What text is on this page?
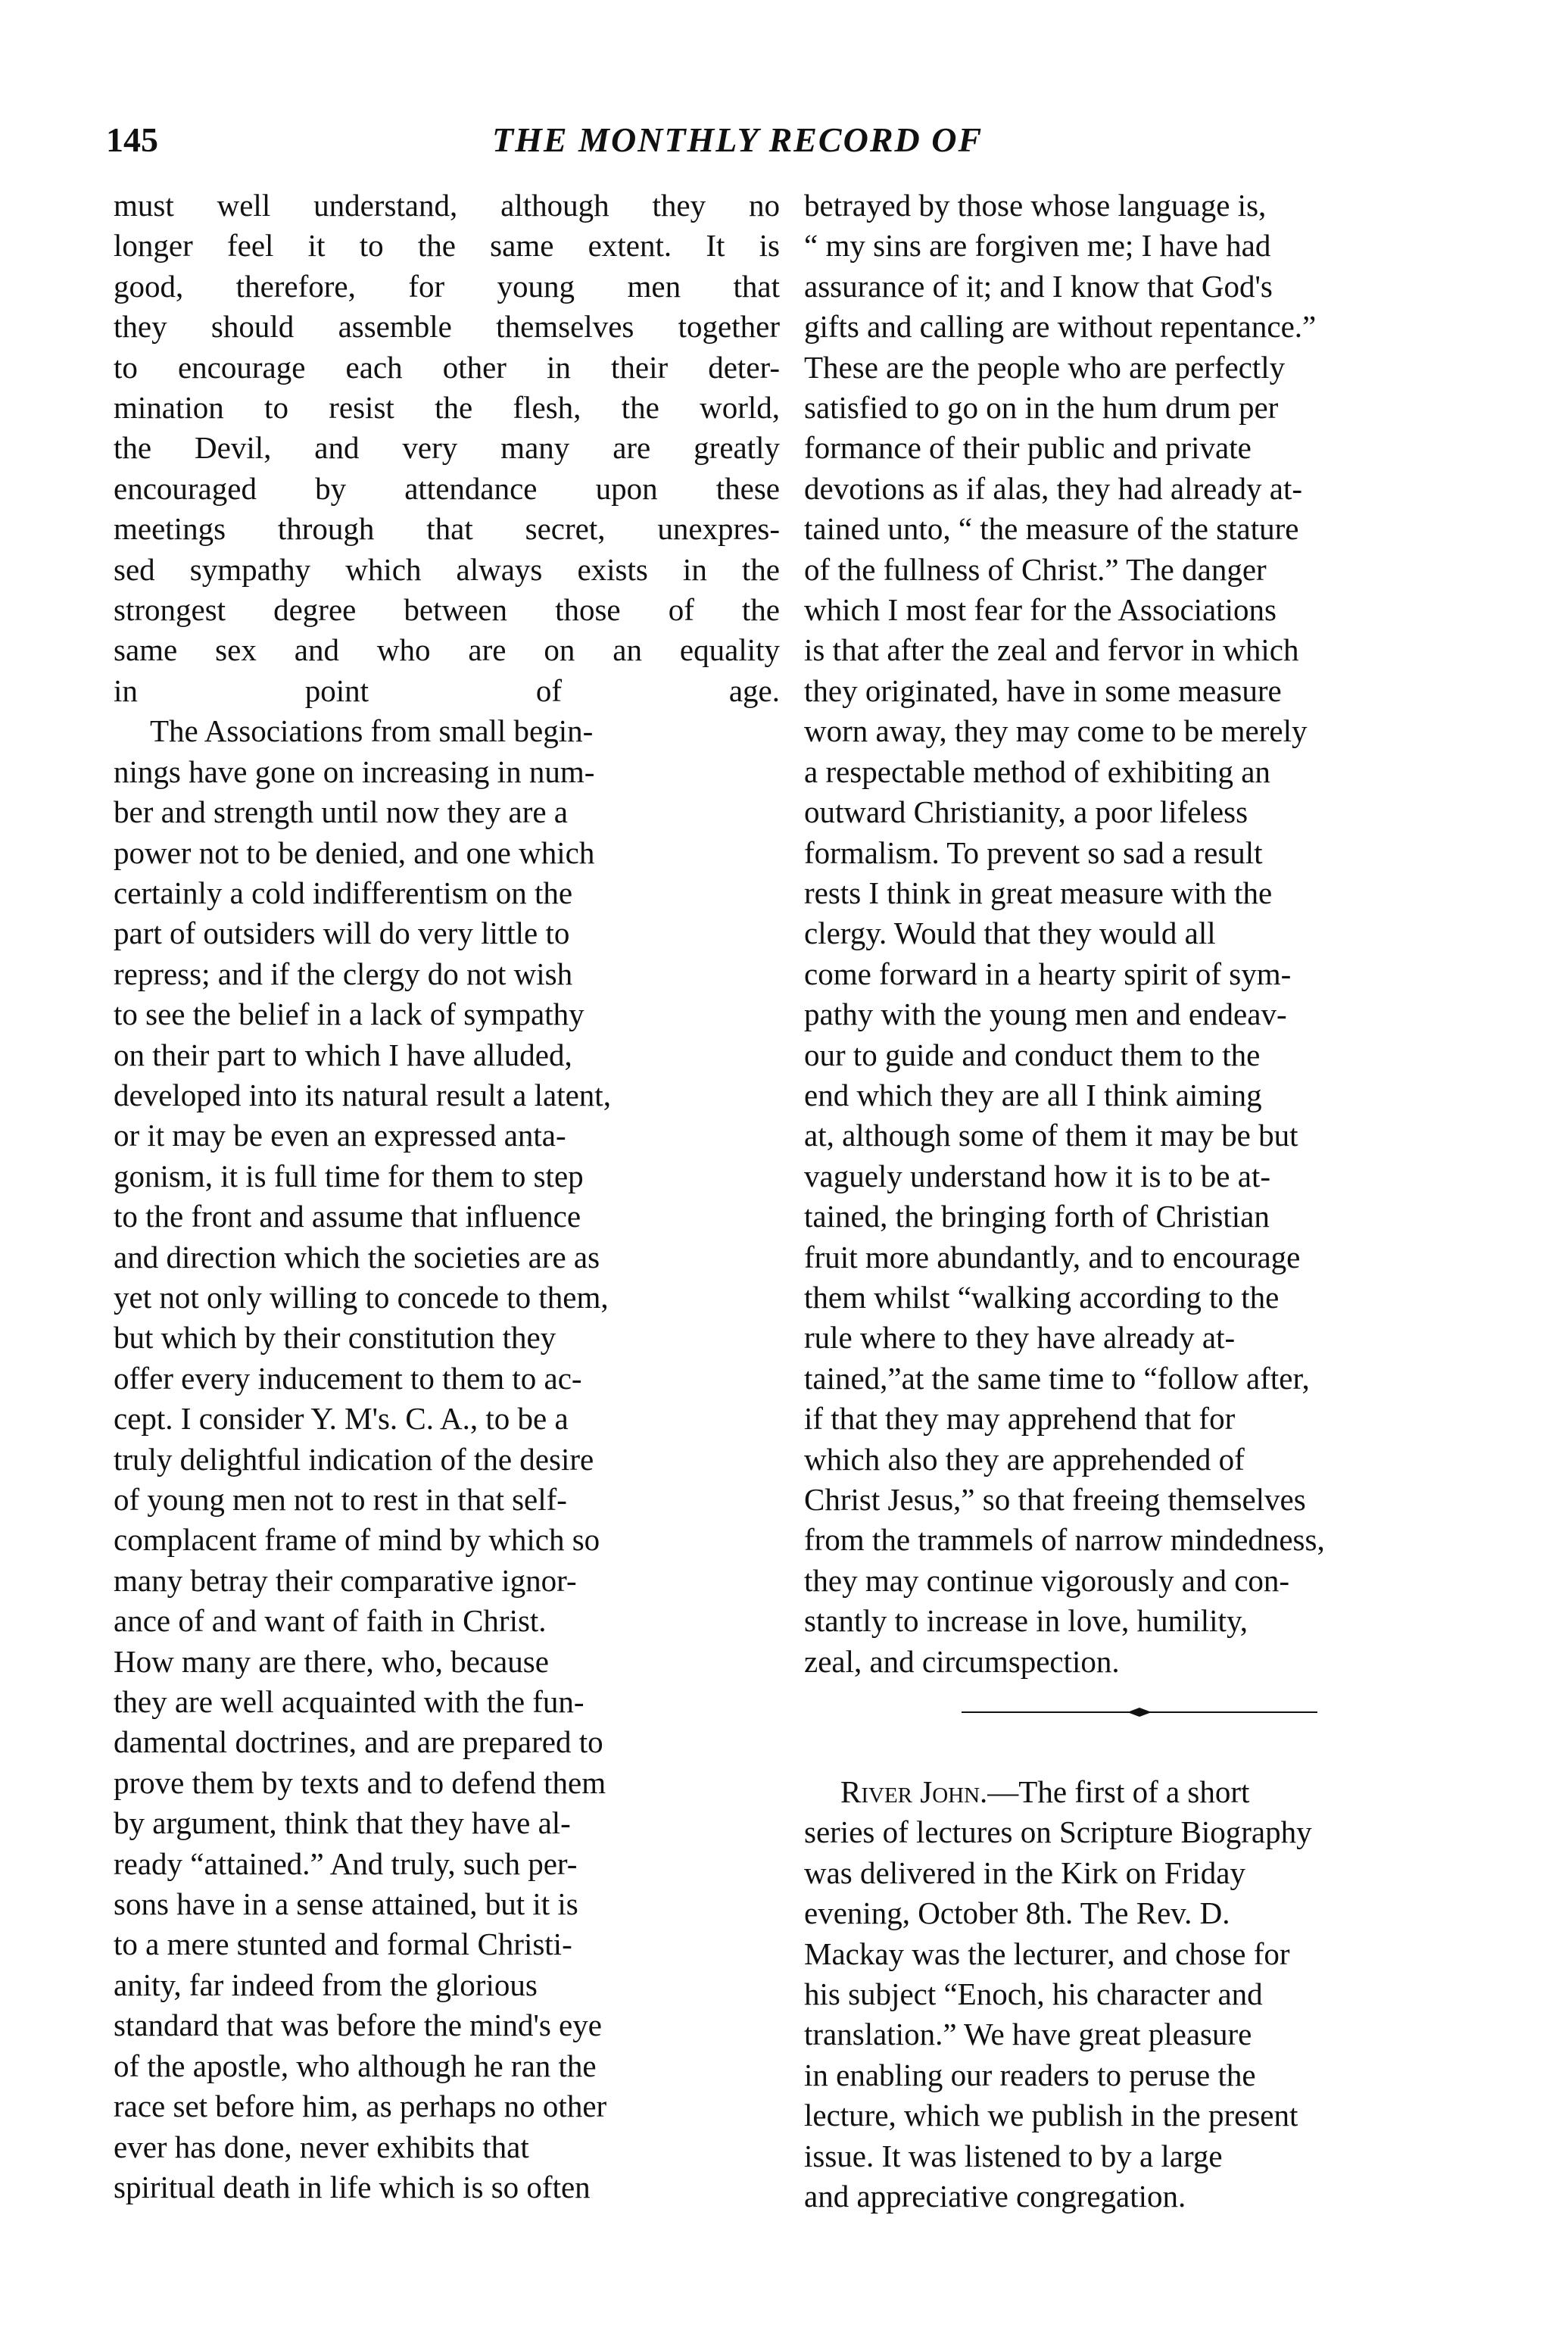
145	THE MONTHLY RECORD OF

must well understand, although they no
longer feel it to the same extent. It is
good, therefore, for young men that
they should assemble themselves together
to encourage each other in their deter-
mination to resist the flesh, the world,
the Devil, and very many are greatly
encouraged by attendance upon these
meetings through that secret, unexpres-
sed sympathy which always exists in the
strongest degree between those of the
same sex and who are on an equality
in point of age.

The Associations from small begin-
nings have gone on increasing in num-
ber and strength until now they are a
power not to be denied, and one which
certainly a cold indifferentism on the
part of outsiders will do very little to
repress; and if the clergy do not wish
to see the belief in a lack of sympathy
on their part to which I have alluded,
developed into its natural result a latent,
or it may be even an expressed anta-
gonism, it is full time for them to step
to the front and assume that influence
and direction which the societies are as
yet not only willing to concede to them,
but which by their constitution they
offer every inducement to them to ac-
cept. I consider Y. M's. C. A., to be a
truly delightful indication of the desire
of young men not to rest in that self-
complacent frame of mind by which so
many betray their comparative ignor-
ance of and want of faith in Christ.
How many are there, who, because
they are well acquainted with the fun-
damental doctrines, and are prepared to
prove them by texts and to defend them
by argument, think that they have al-
ready “attained.” And truly, such per-
sons have in a sense attained, but it is
to a mere stunted and formal Christi-
anity, far indeed from the glorious
standard that was before the mind's eye
of the apostle, who although he ran the
race set before him, as perhaps no other
ever has done, never exhibits that
spiritual death in life which is so often

betrayed by those whose language is,
“ my sins are forgiven me; I have had
assurance of it; and I know that God's
gifts and calling are without repentance.”
These are the people who are perfectly
satisfied to go on in the hum drum per
formance of their public and private
devotions as if alas, they had already at-
tained unto, “ the measure of the stature
of the fullness of Christ.” The danger
which I most fear for the Associations
is that after the zeal and fervor in which
they originated, have in some measure
worn away, they may come to be merely
a respectable method of exhibiting an
outward Christianity, a poor lifeless
formalism. To prevent so sad a result
rests I think in great measure with the
clergy. Would that they would all
come forward in a hearty spirit of sym-
pathy with the young men and endeav-
our to guide and conduct them to the
end which they are all I think aiming
at, although some of them it may be but
vaguely understand how it is to be at-
tained, the bringing forth of Christian
fruit more abundantly, and to encourage
them whilst “walking according to the
rule where to they have already at-
tained,”at the same time to “follow after,
if that they may apprehend that for
which also they are apprehended of
Christ Jesus,” so that freeing themselves
from the trammels of narrow mindedness,
they may continue vigorously and con-
stantly to increase in love, humility,
zeal, and circumspection.

River John.—The first of a short
series of lectures on Scripture Biography
was delivered in the Kirk on Friday
evening, October 8th. The Rev. D.
Mackay was the lecturer, and chose for
his subject “Enoch, his character and
translation.” We have great pleasure
in enabling our readers to peruse the
lecture, which we publish in the present
issue. It was listened to by a large
and appreciative congregation.
